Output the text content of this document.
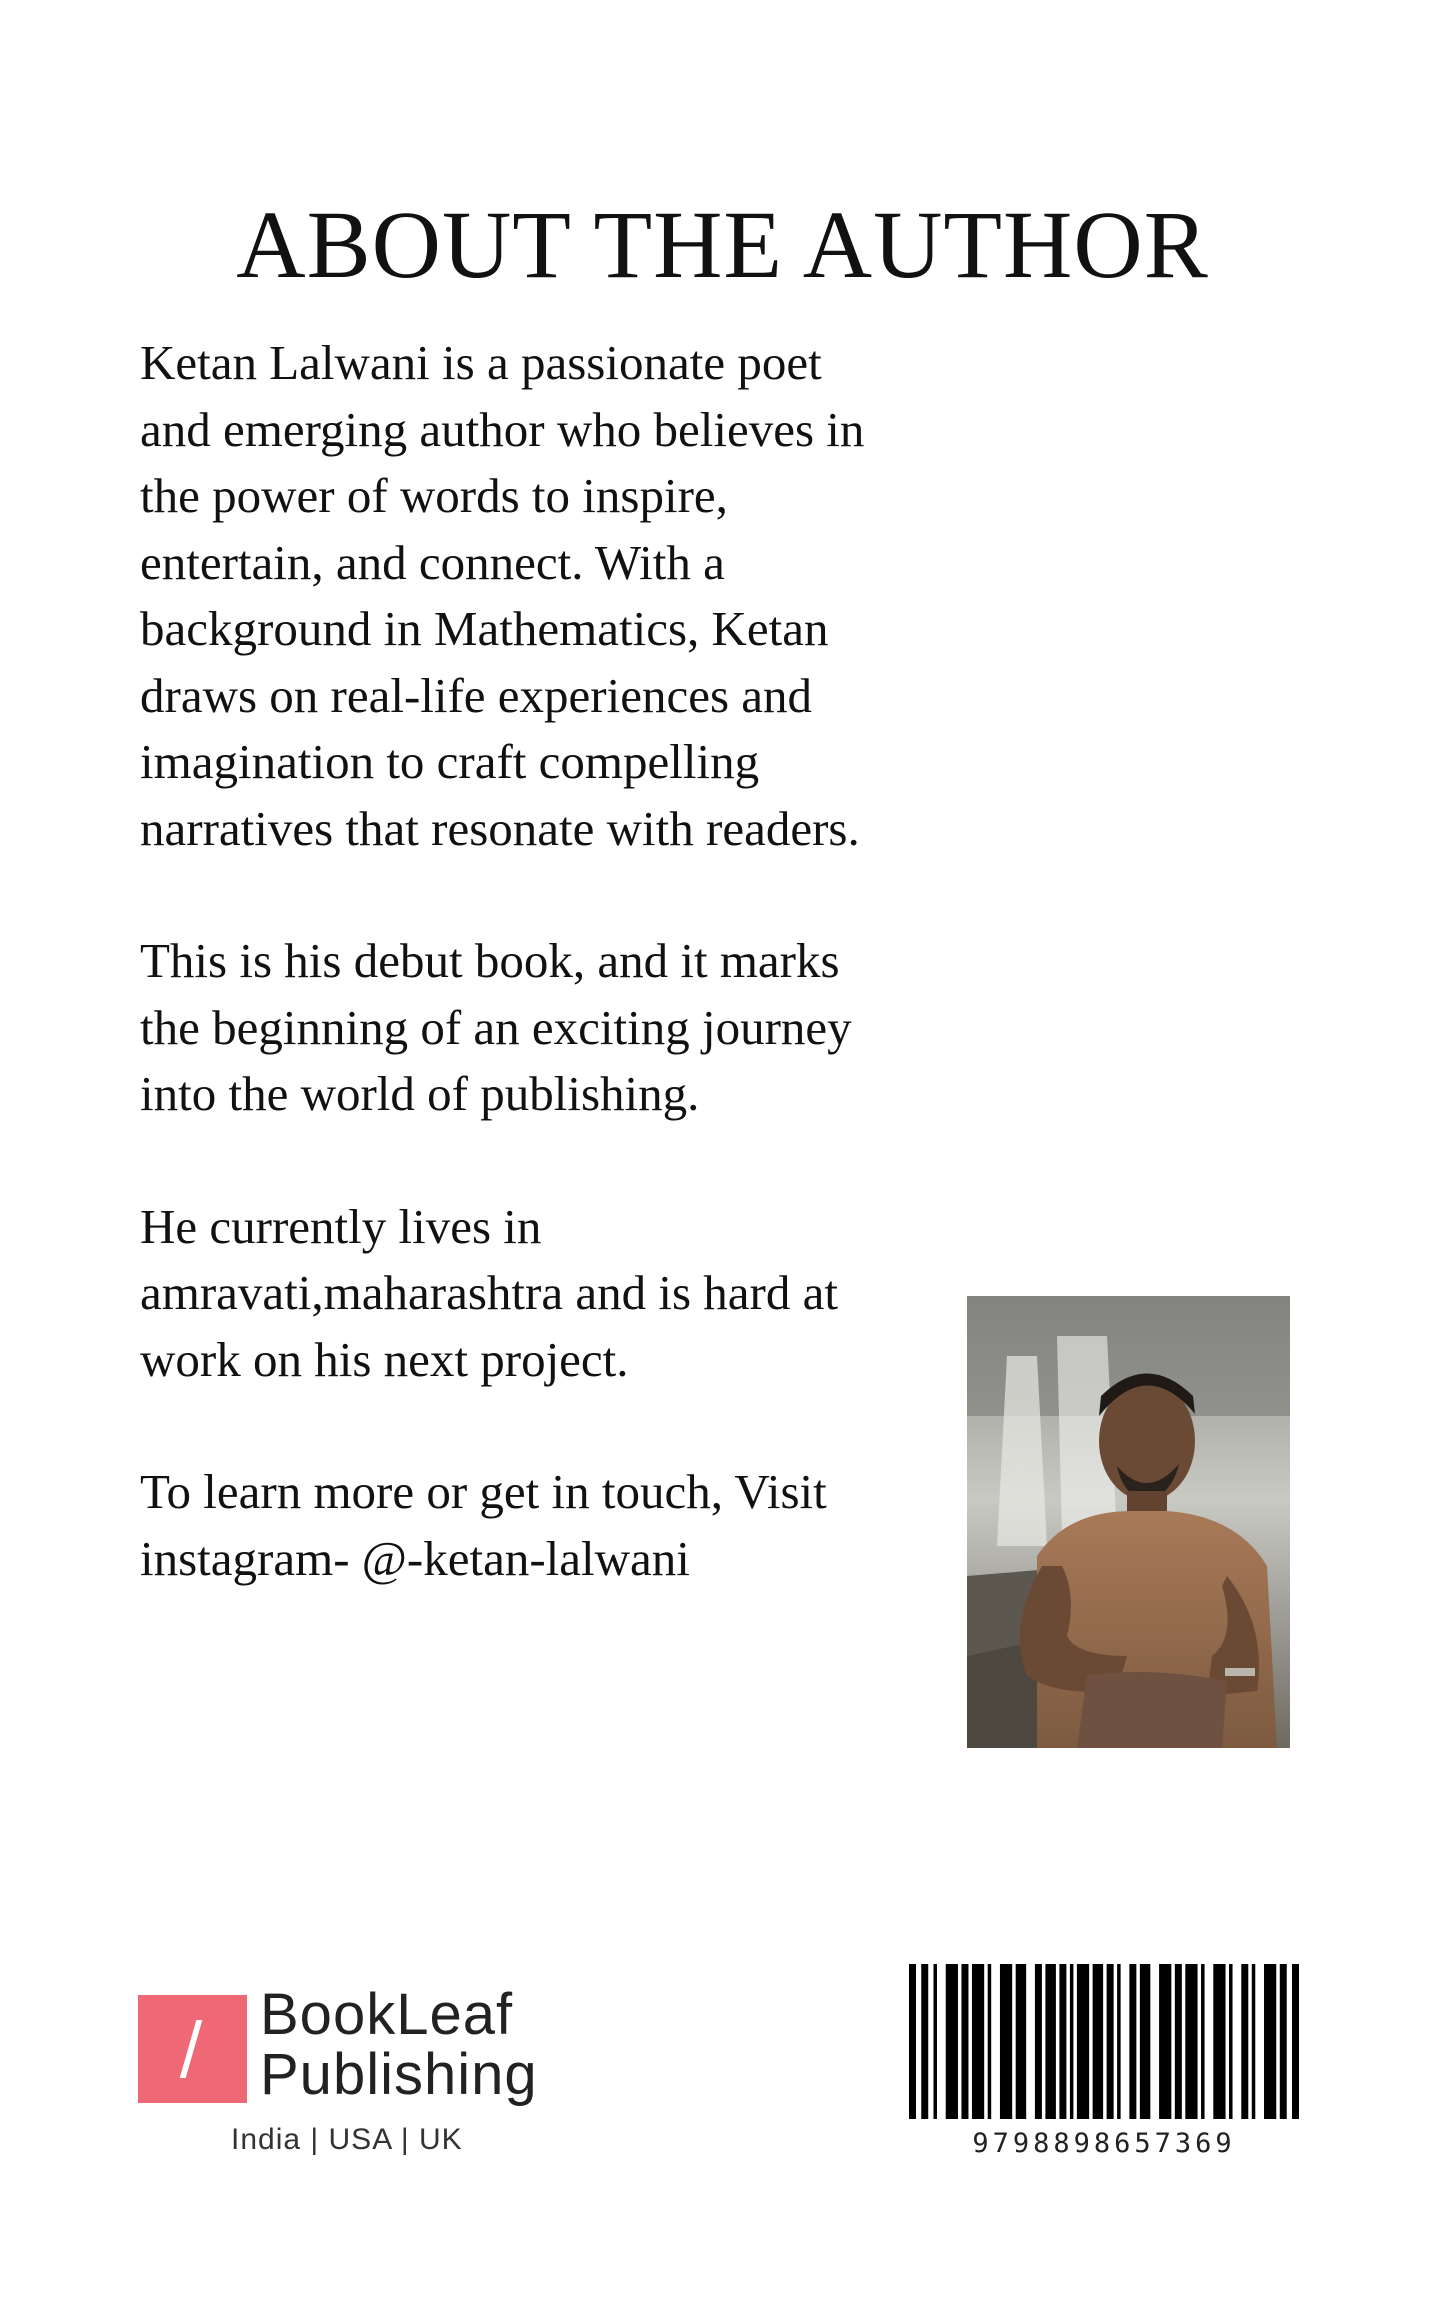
ABOUT THE AUTHOR

Ketan Lalwani is a passionate poet
and emerging author who believes in
the power of words to inspire,
entertain, and connect. With a
background in Mathematics, Ketan
draws on real-life experiences and
imagination to craft compelling
narratives that resonate with readers.

This is his debut book, and it marks
the beginning of an exciting journey
into the world of publishing.

He currently lives in
amravati,maharashtra and is hard at
work on his next project.

To learn more or get in touch, Visit
instagram- @-ketan-lalwani

BookLeaf
Publishing
India | USA | UK	9798898657369
